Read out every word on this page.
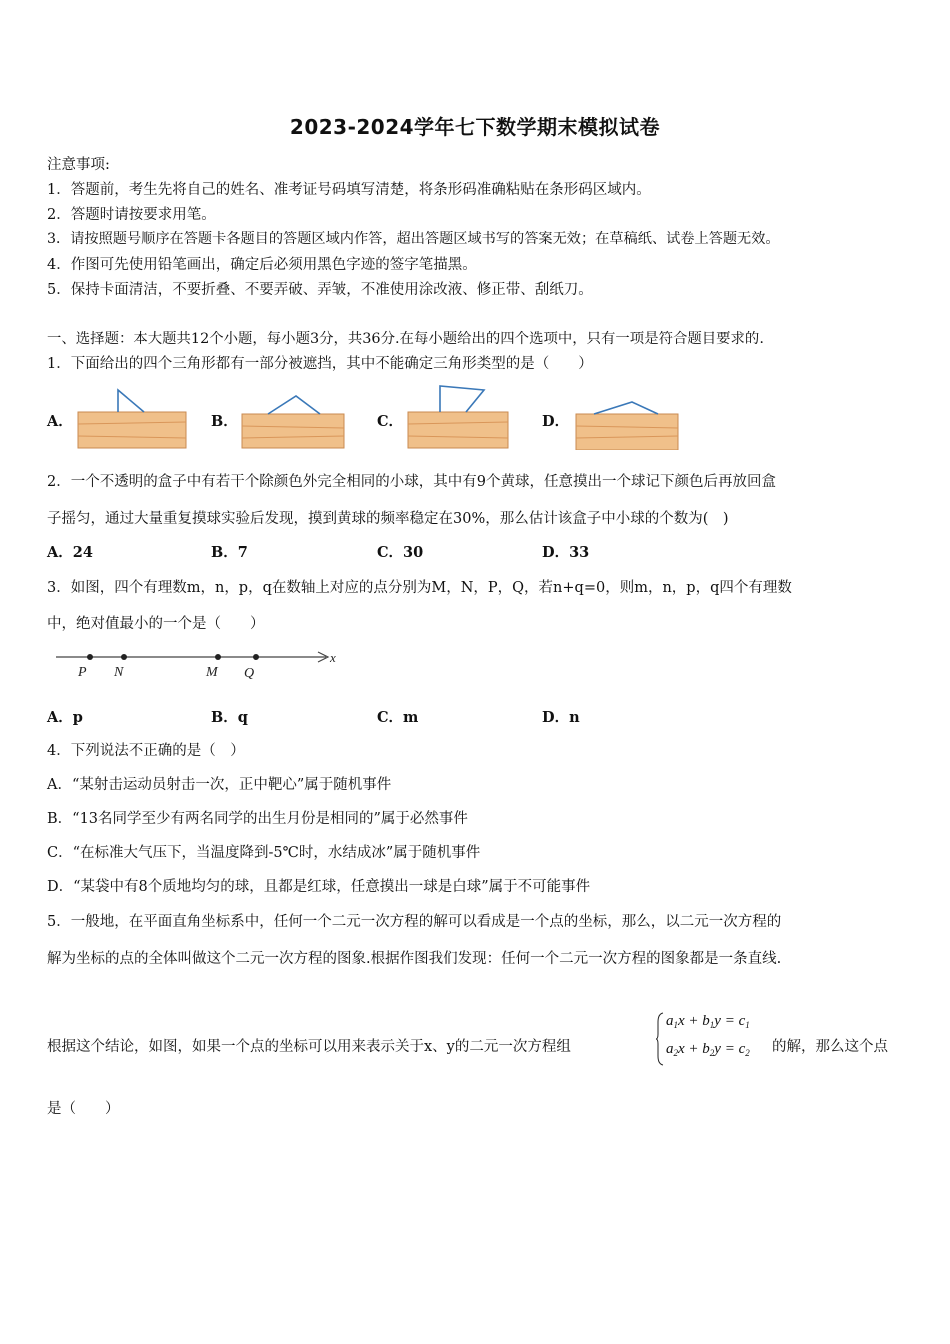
2023-2024学年七下数学期末模拟试卷
注意事项:
1．答题前，考生先将自己的姓名、准考证号码填写清楚，将条形码准确粘贴在条形码区域内。
2．答题时请按要求用笔。
3．请按照题号顺序在答题卡各题目的答题区域内作答，超出答题区域书写的答案无效；在草稿纸、试卷上答题无效。
4．作图可先使用铅笔画出，确定后必须用黑色字迹的签字笔描黑。
5．保持卡面清洁，不要折叠、不要弄破、弄皱，不准使用涂改液、修正带、刮纸刀。
一、选择题：本大题共12个小题，每小题3分，共36分.在每小题给出的四个选项中，只有一项是符合题目要求的.
1．下面给出的四个三角形都有一部分被遮挡，其中不能确定三角形类型的是（　　）
A．	B．	C．	D．
2．一个不透明的盒子中有若干个除颜色外完全相同的小球，其中有9个黄球，任意摸出一个球记下颜色后再放回盒
子摇匀，通过大量重复摸球实验后发现，摸到黄球的频率稳定在30%，那么估计该盒子中小球的个数为(　)
A．24	B．7	C．30	D．33
3．如图，四个有理数m，n，p，q在数轴上对应的点分别为M，N，P，Q，若n+q=0，则m，n，p，q四个有理数
中，绝对值最小的一个是（　　）
P N	M Q
x
A．p	B．q	C．m	D．n
4．下列说法不正确的是（　）
A．“某射击运动员射击一次，正中靶心”属于随机事件
B．“13名同学至少有两名同学的出生月份是相同的”属于必然事件
C．“在标准大气压下，当温度降到-5℃时，水结成冰”属于随机事件
D．“某袋中有8个质地均匀的球，且都是红球，任意摸出一球是白球”属于不可能事件
5．一般地，在平面直角坐标系中，任何一个二元一次方程的解可以看成是一个点的坐标，那么，以二元一次方程的
解为坐标的点的全体叫做这个二元一次方程的图象.根据作图我们发现：任何一个二元一次方程的图象都是一条直线.
根据这个结论，如图，如果一个点的坐标可以用来表示关于x、y的二元一次方程组
$a_1x + b_1y = c_1$
$a_2x + b_2y = c_2$ 的解，那么这个点
是（　　）
